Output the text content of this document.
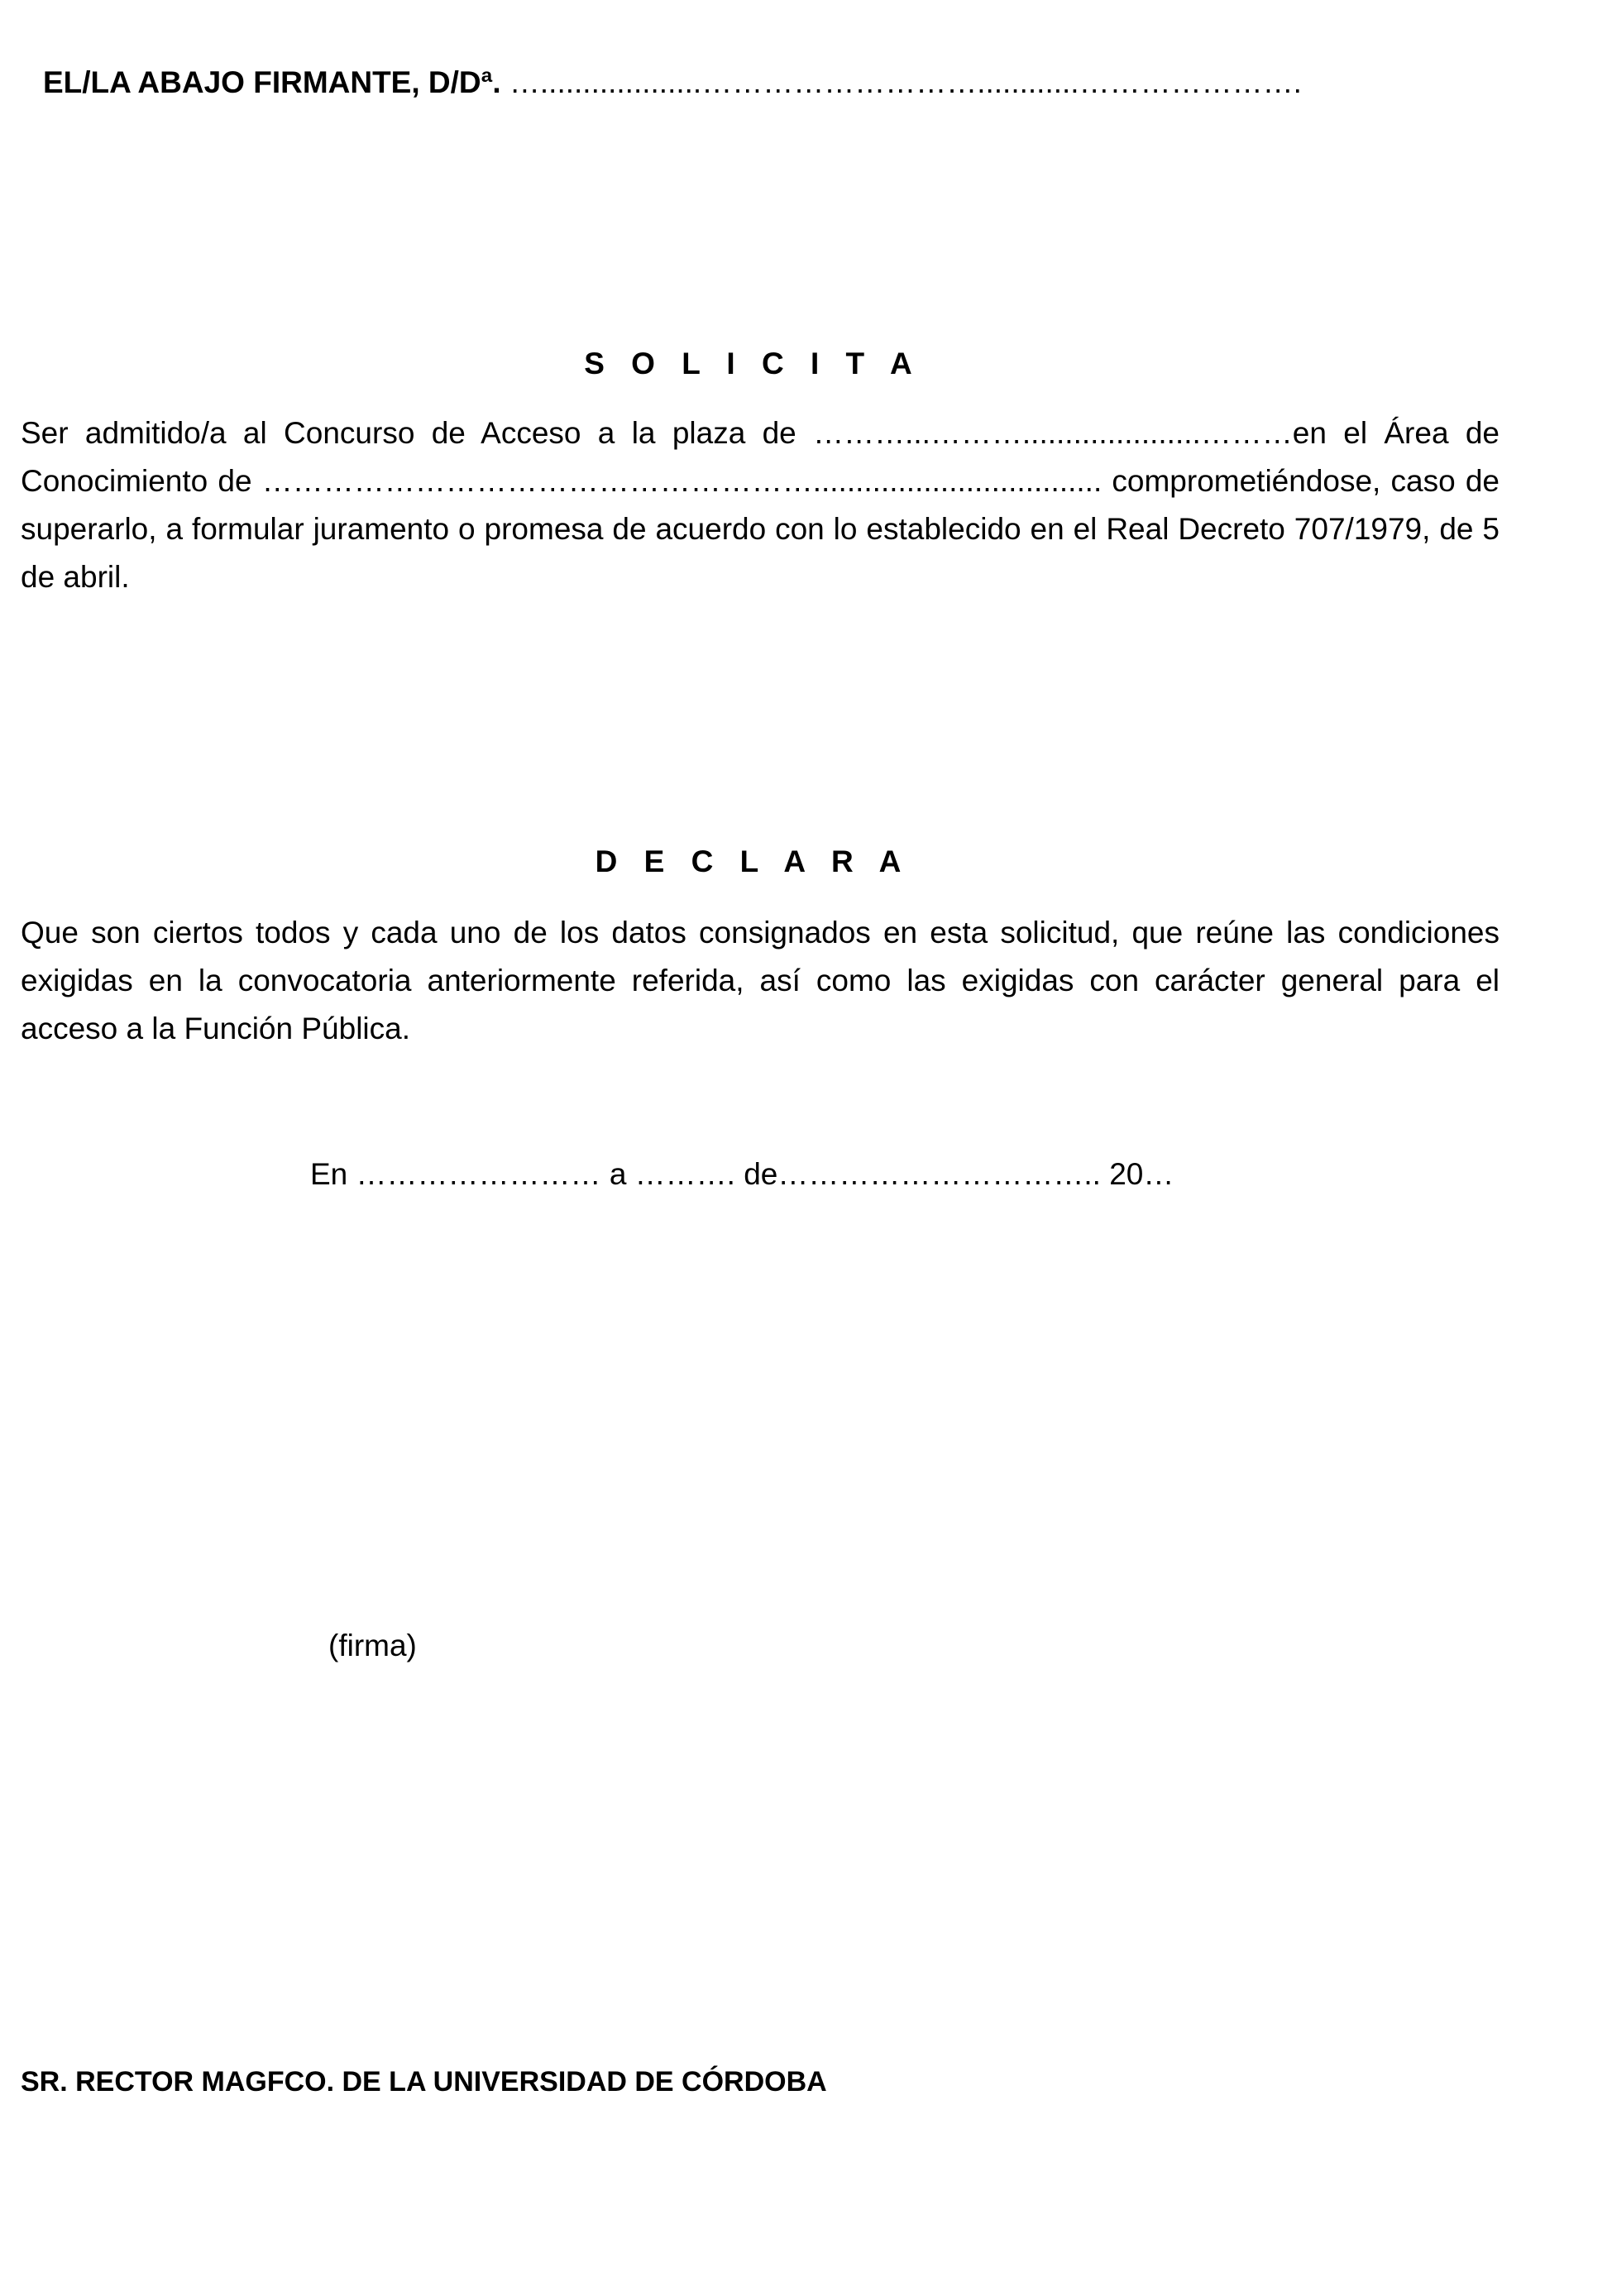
EL/LA ABAJO FIRMANTE, D/Dª. …...................………………………............………………….
S O L I C I T A
Ser admitido/a al Concurso de Acceso a la plaza de ………...……….....................………en el Área de Conocimiento de ……………………………………………….................................. comprometiéndose, caso de superarlo, a formular juramento o promesa de acuerdo con lo establecido en el Real Decreto 707/1979, de 5 de abril.
D E C L A R A
Que son ciertos todos y cada uno de los datos consignados en esta solicitud, que reúne las condiciones exigidas en la convocatoria anteriormente referida, así como las exigidas con carácter general para el acceso a la Función Pública.
En …………………… a ………. de………………………….. 20…
(firma)
SR. RECTOR MAGFCO. DE LA UNIVERSIDAD DE CÓRDOBA
